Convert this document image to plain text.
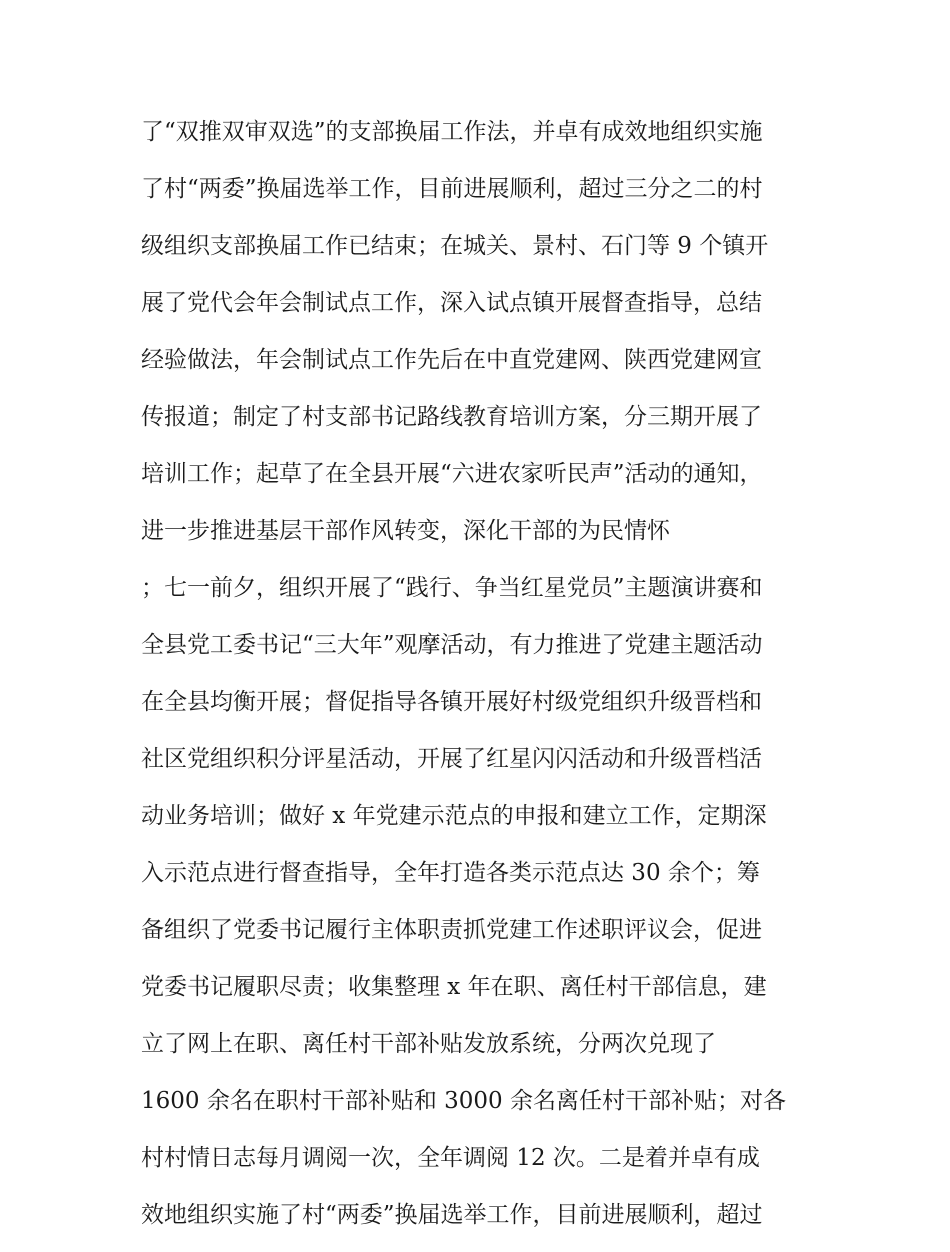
了“双推双审双选”的支部换届工作法，并卓有成效地组织实施
了村“两委”换届选举工作，目前进展顺利，超过三分之二的村
级组织支部换届工作已结束；在城关、景村、石门等 9 个镇开
展了党代会年会制试点工作，深入试点镇开展督查指导，总结
经验做法，年会制试点工作先后在中直党建网、陕西党建网宣
传报道；制定了村支部书记路线教育培训方案，分三期开展了
培训工作；起草了在全县开展“六进农家听民声”活动的通知，
进一步推进基层干部作风转变，深化干部的为民情怀
；七一前夕，组织开展了“践行、争当红星党员”主题演讲赛和
全县党工委书记“三大年”观摩活动，有力推进了党建主题活动
在全县均衡开展；督促指导各镇开展好村级党组织升级晋档和
社区党组织积分评星活动，开展了红星闪闪活动和升级晋档活
动业务培训；做好 x 年党建示范点的申报和建立工作，定期深
入示范点进行督查指导，全年打造各类示范点达 30 余个；筹
备组织了党委书记履行主体职责抓党建工作述职评议会，促进
党委书记履职尽责；收集整理 x 年在职、离任村干部信息，建
立了网上在职、离任村干部补贴发放系统，分两次兑现了
1600 余名在职村干部补贴和 3000 余名离任村干部补贴；对各
村村情日志每月调阅一次，全年调阅 12 次。二是着并卓有成
效地组织实施了村“两委”换届选举工作，目前进展顺利，超过
